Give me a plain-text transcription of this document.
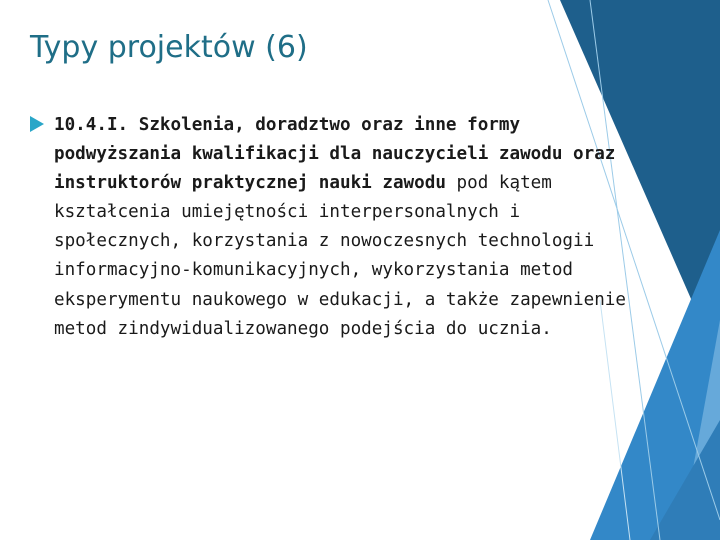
Typy projektów (6)
10.4.I. Szkolenia, doradztwo oraz inne formy podwyższania kwalifikacji dla nauczycieli zawodu oraz instruktorów praktycznej nauki zawodu pod kątem kształcenia umiejętności interpersonalnych i społecznych, korzystania z nowoczesnych technologii informacyjno-komunikacyjnych, wykorzystania metod eksperymentu naukowego w edukacji, a także zapewnienie metod zindywidualizowanego podejścia do ucznia.
